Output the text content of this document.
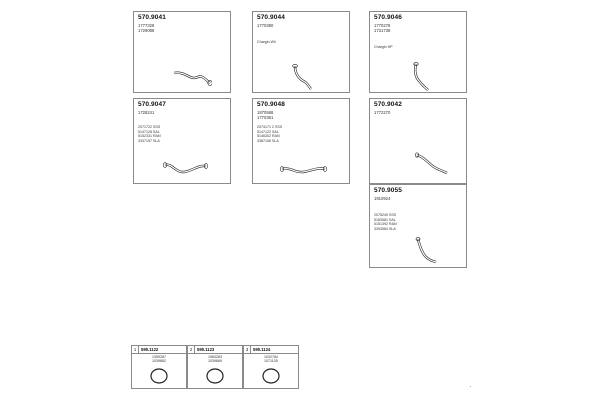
570.9041
1777328
1729088
570.9044
1770380
Chargin Wil
570.9046
1770278
1731738
Chargin HP
570.9047
1728241
2071722 SSS
5147128 SAL
5152331 RAN
3337157 SLA
570.9048
1870588
1770381
2074171 2 SSS
5147122 SAL
5146302 RAN
3387106 SLA
570.9042
1772270
570.9055
1910924
2075249 SSS
5183581 SAL
5151392 RAN
3393564 SLA
1	599.1122
1359287
1039862
2	599.1123
1983283
1039869
3	599.1124
1032784
1071105
